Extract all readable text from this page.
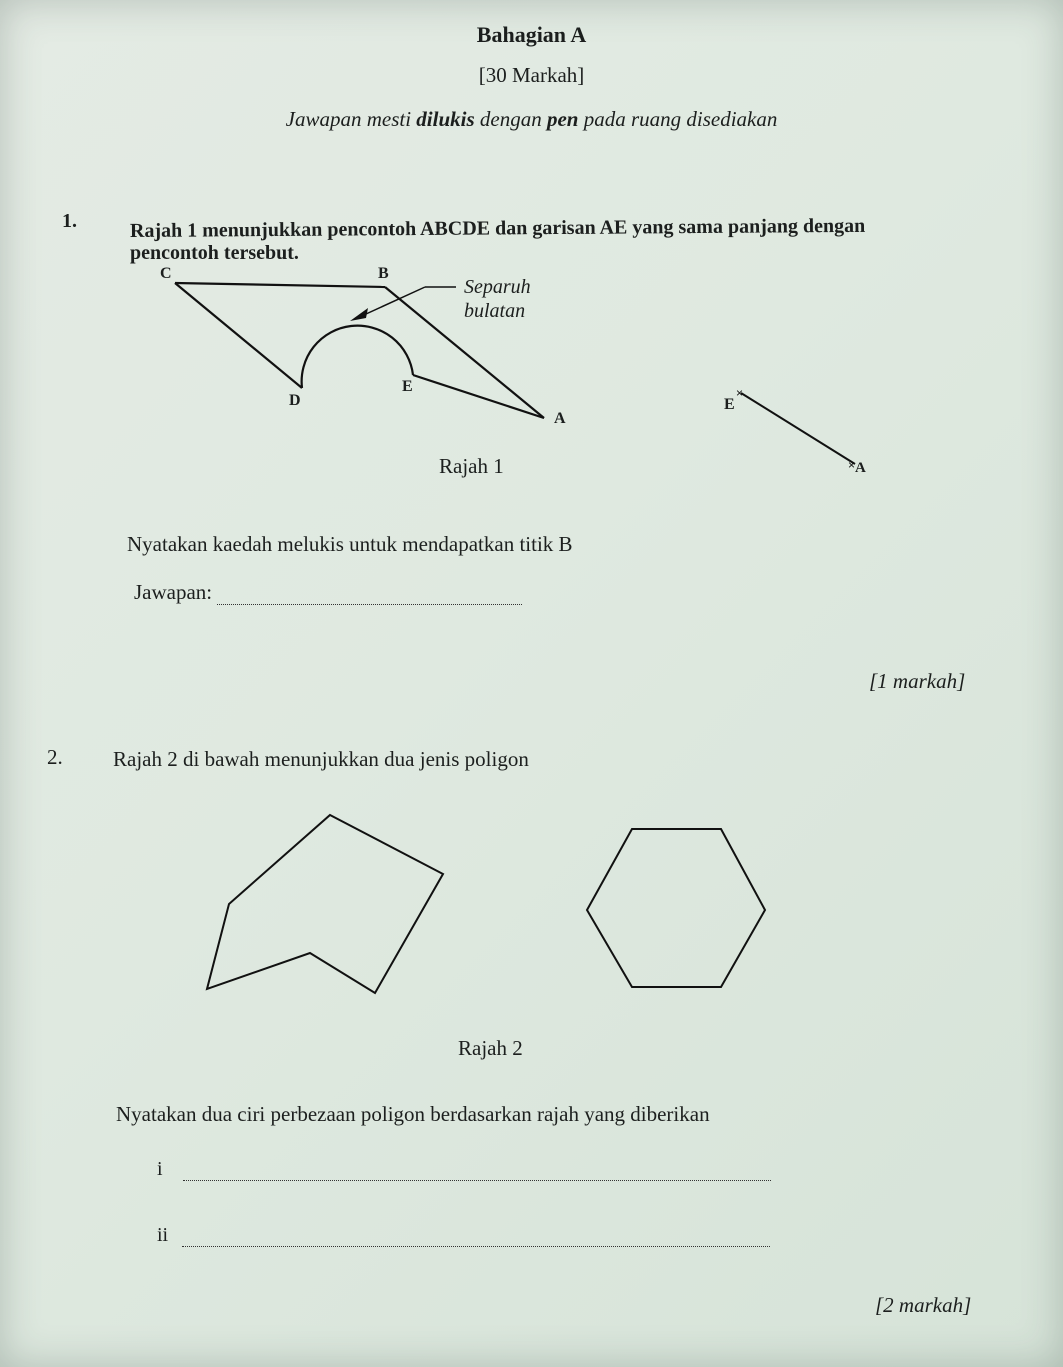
Bahagian A
[30 Markah]
Jawapan mesti dilukis dengan pen pada ruang disediakan
1.	Rajah 1 menunjukkan pencontoh ABCDE dan garisan AE yang sama panjang dengan
pencontoh tersebut.
×
×
C	B
D
E
A
Separuh
bulatan
E
A
Rajah 1
Nyatakan kaedah melukis untuk mendapatkan titik B
Jawapan:
[1 markah]
2. Rajah 2 di bawah menunjukkan dua jenis poligon
Rajah 2
Nyatakan dua ciri perbezaan poligon berdasarkan rajah yang diberikan
i
ii
[2 markah]
